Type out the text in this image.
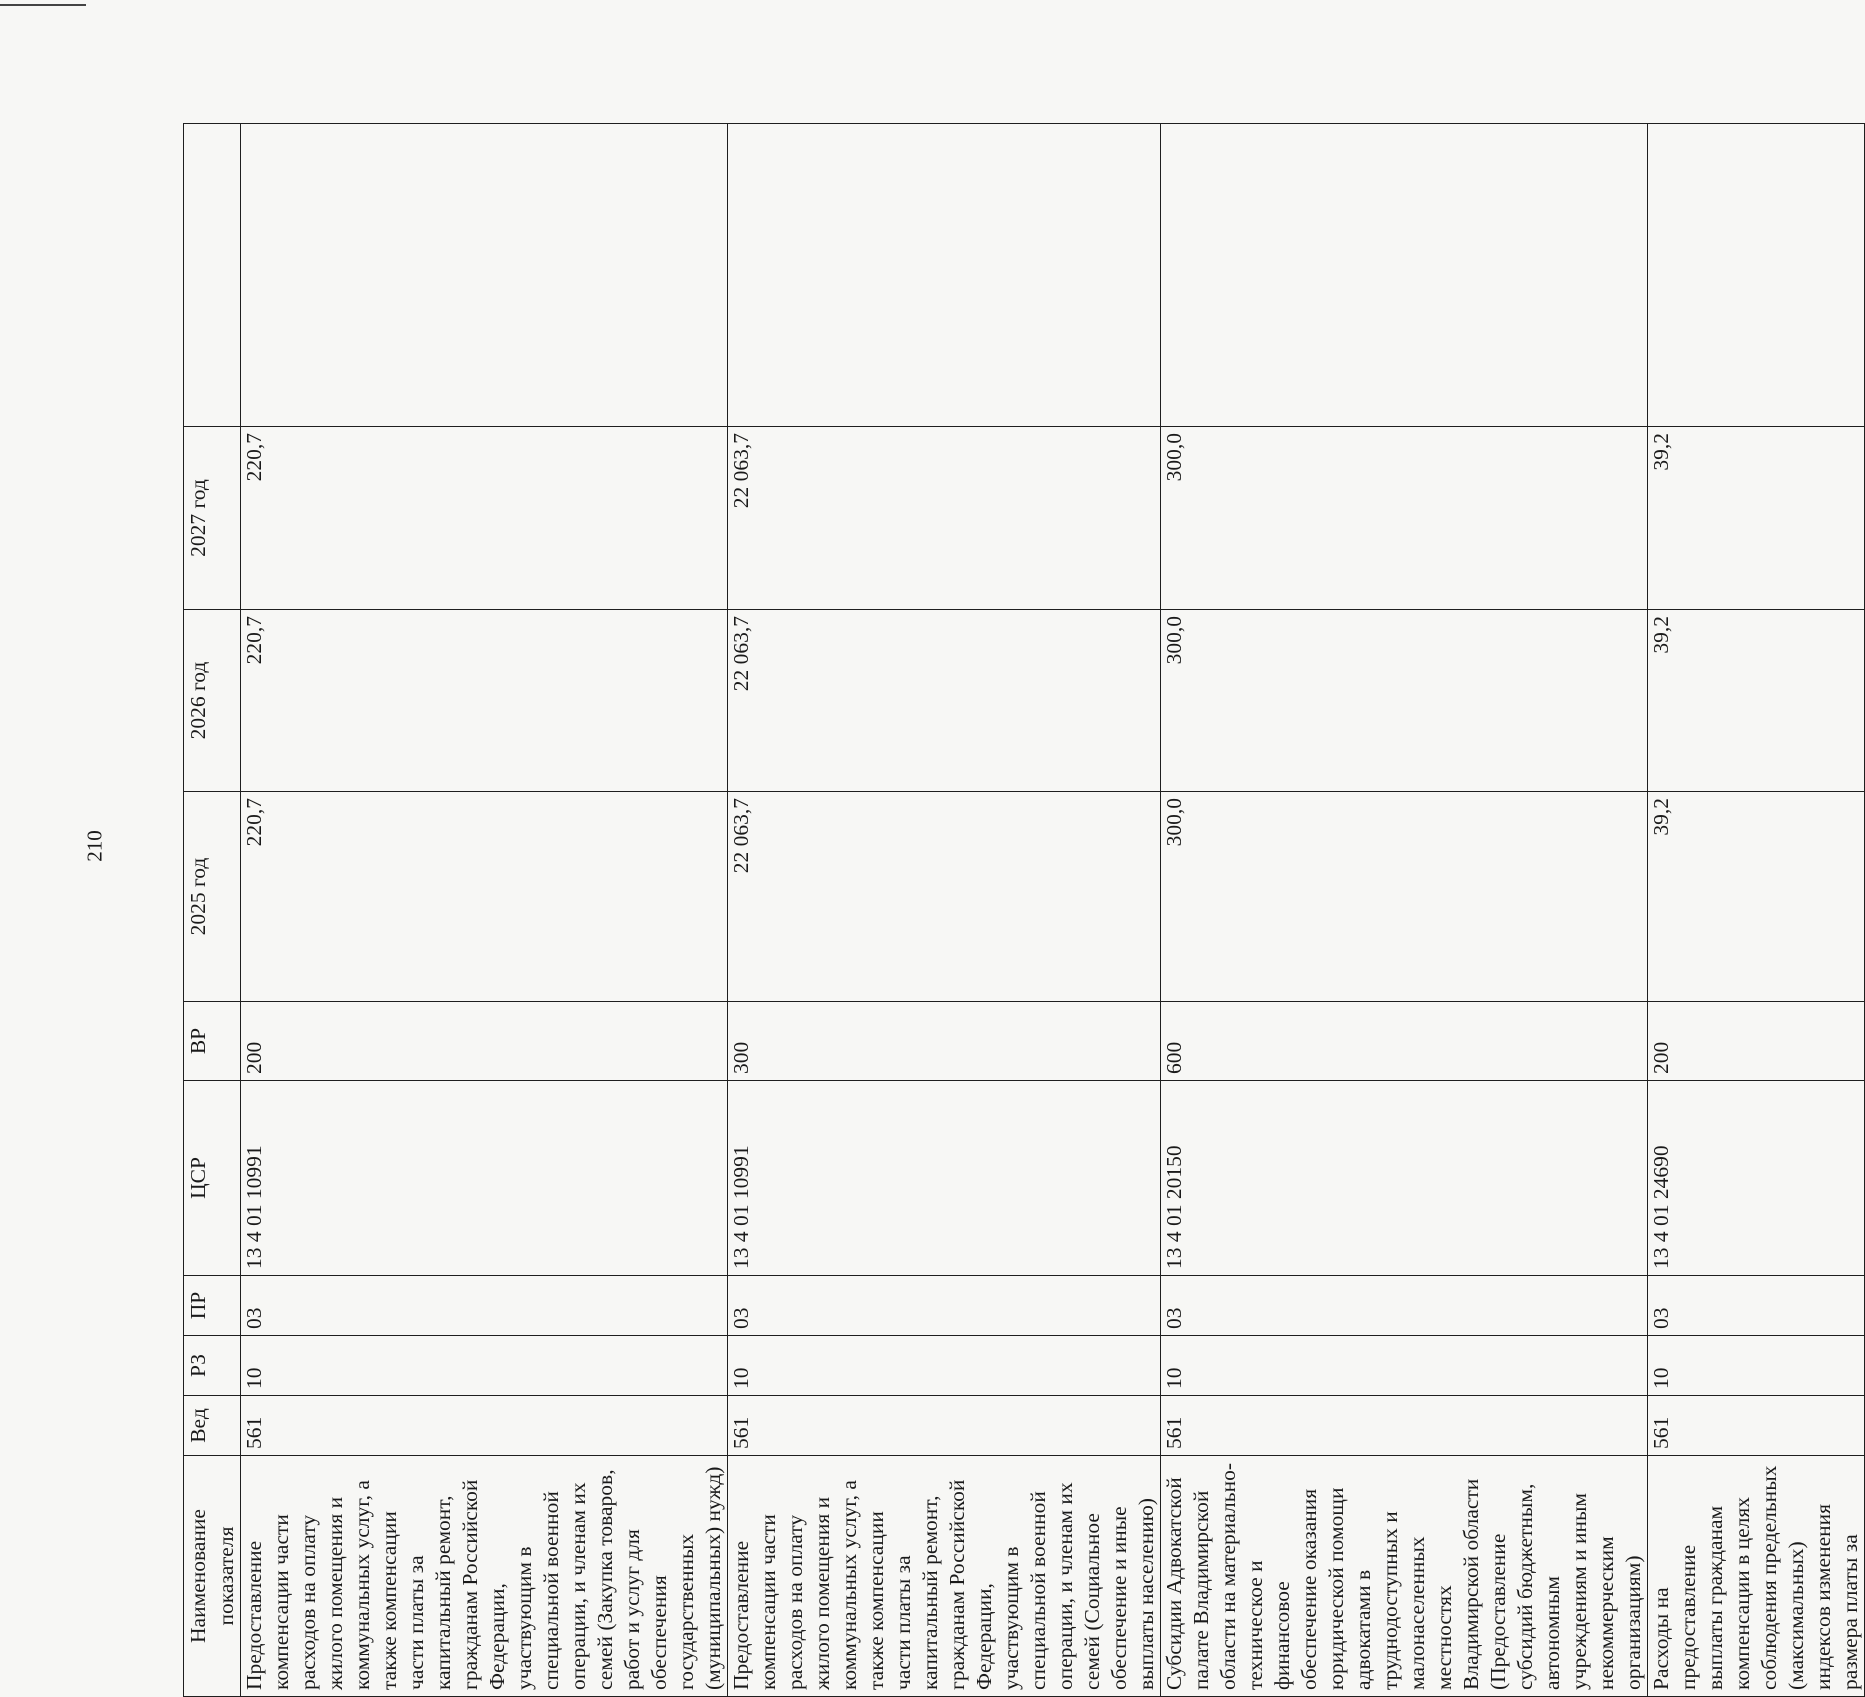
210
Наименование показателя	Вед	РЗ	ПР	ЦСР	ВР	2025 год	2026 год	2027 год	
Предоставление компенсации части расходов на оплату жилого помещения и коммунальных услуг, а также компенсации части платы за капитальный ремонт, гражданам Российской Федерации, участвующим в специальной военной операции, и членам их семей (Закупка товаров, работ и услуг для обеспечения государственных (муниципальных) нужд)	561	10	03	13 4 01 10991	200	220,7	220,7	220,7	
Предоставление компенсации части расходов на оплату жилого помещения и коммунальных услуг, а также компенсации части платы за капитальный ремонт, гражданам Российской Федерации, участвующим в специальной военной операции, и членам их семей (Социальное обеспечение и иные выплаты населению)	561	10	03	13 4 01 10991	300	22 063,7	22 063,7	22 063,7	
Субсидии Адвокатской палате Владимирской области на материально-техническое и финансовое обеспечение оказания юридической помощи адвокатами в труднодоступных и малонаселенных местностях Владимирской области (Предоставление субсидий бюджетным, автономным учреждениям и иным некоммерческим организациям)	561	10	03	13 4 01 20150	600	300,0	300,0	300,0	
Расходы на предоставление выплаты гражданам компенсации в целях соблюдения предельных (максимальных) индексов изменения размера платы за	561	10	03	13 4 01 24690	200	39,2	39,2	39,2	
